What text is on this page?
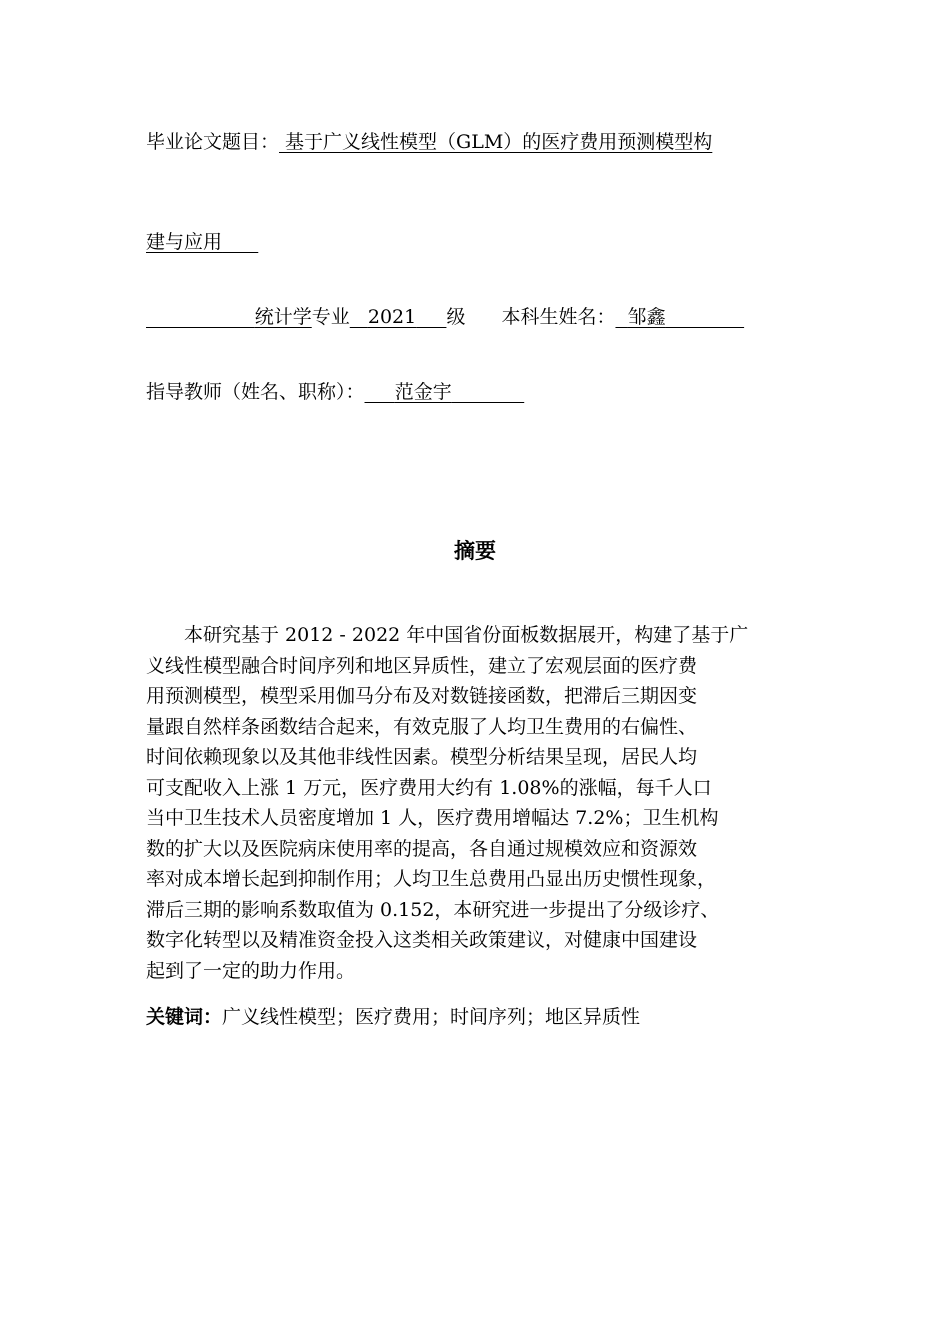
毕业论文题目： 基于广义线性模型（GLM）的医疗费用预测模型构
建与应用
统计学专业 2021 级 本科生姓名： 邹鑫
指导教师（姓名、职称）： 范金宇
摘要
本研究基于 2012 - 2022 年中国省份面板数据展开，构建了基于广
义线性模型融合时间序列和地区异质性，建立了宏观层面的医疗费
用预测模型，模型采用伽马分布及对数链接函数，把滞后三期因变
量跟自然样条函数结合起来，有效克服了人均卫生费用的右偏性、
时间依赖现象以及其他非线性因素。模型分析结果呈现，居民人均
可支配收入上涨 1 万元，医疗费用大约有 1.08%的涨幅，每千人口
当中卫生技术人员密度增加 1 人，医疗费用增幅达 7.2%；卫生机构
数的扩大以及医院病床使用率的提高，各自通过规模效应和资源效
率对成本增长起到抑制作用；人均卫生总费用凸显出历史惯性现象，
滞后三期的影响系数取值为 0.152，本研究进一步提出了分级诊疗、
数字化转型以及精准资金投入这类相关政策建议，对健康中国建设
起到了一定的助力作用。
关键词：广义线性模型；医疗费用；时间序列；地区异质性
